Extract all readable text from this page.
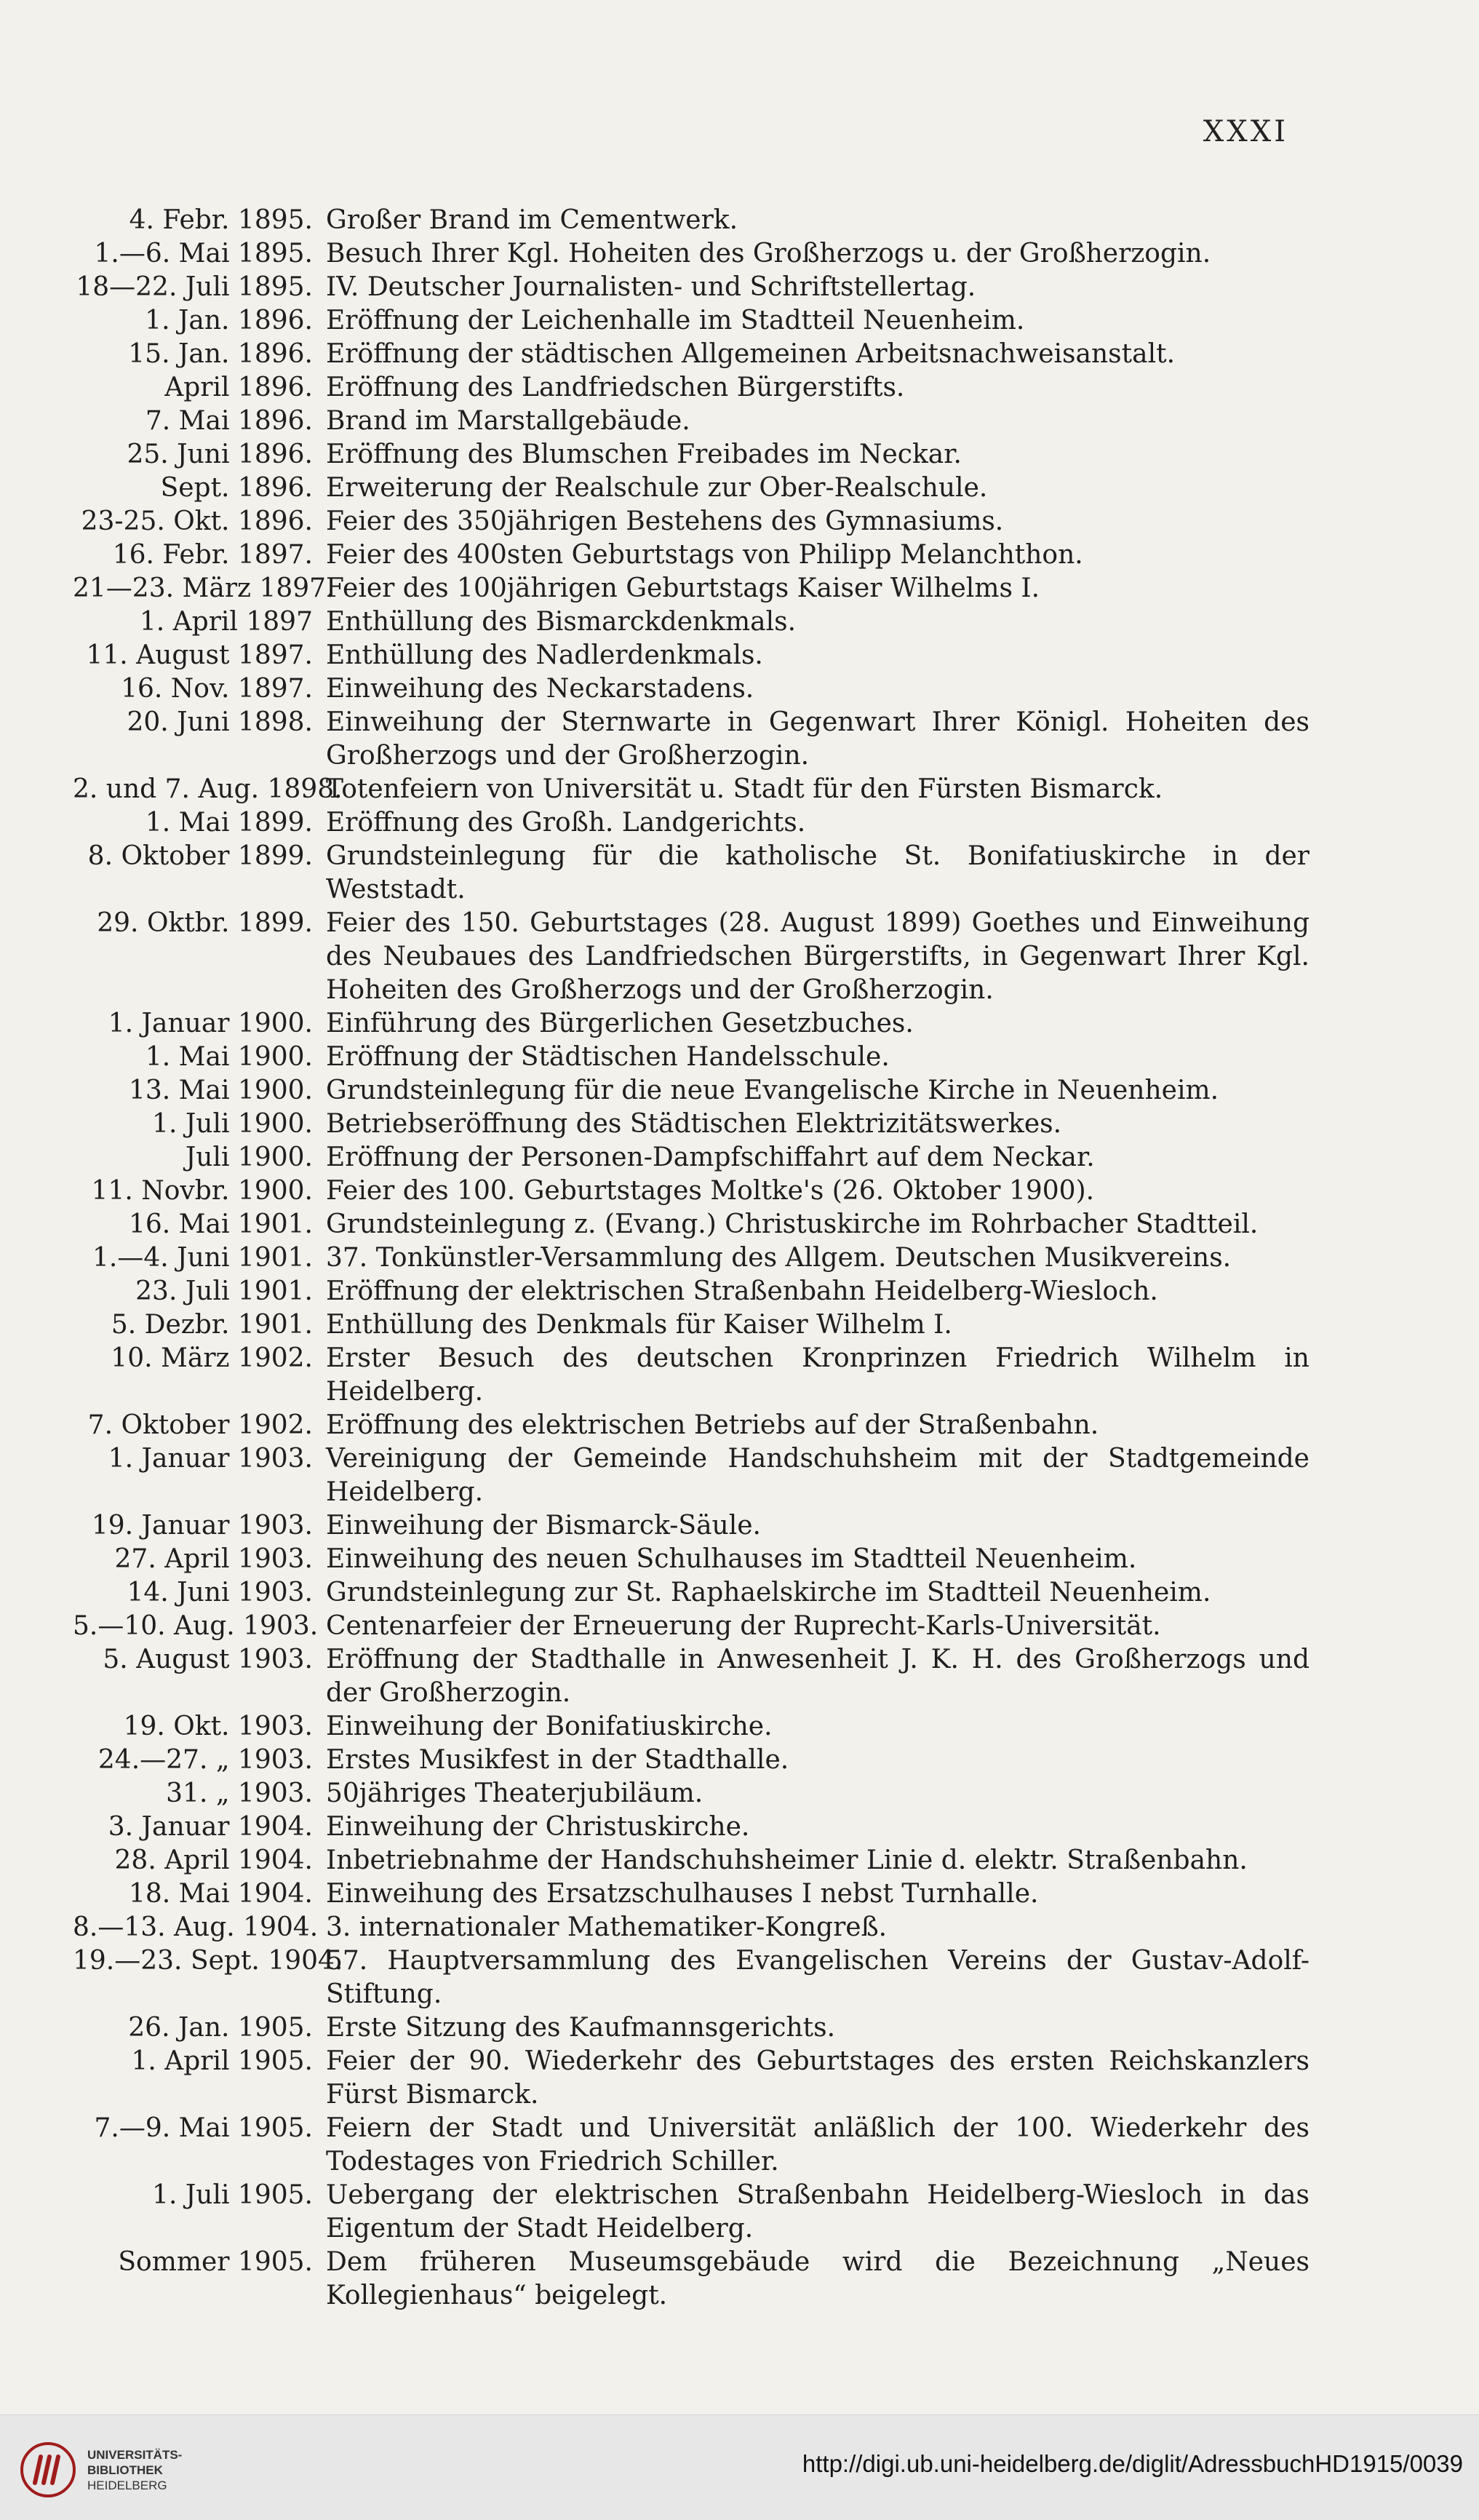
XXXI
4. Febr. 1895. Großer Brand im Cementwerk.
1.—6. Mai 1895. Besuch Ihrer Kgl. Hoheiten des Großherzogs u. der Großherzogin.
18—22. Juli 1895. IV. Deutscher Journalisten- und Schriftstellertag.
1. Jan. 1896. Eröffnung der Leichenhalle im Stadtteil Neuenheim.
15. Jan. 1896. Eröffnung der städtischen Allgemeinen Arbeitsnachweisanstalt.
April 1896. Eröffnung des Landfriedschen Bürgerstifts.
7. Mai 1896. Brand im Marstallgebäude.
25. Juni 1896. Eröffnung des Blumschen Freibades im Neckar.
Sept. 1896. Erweiterung der Realschule zur Ober-Realschule.
23-25. Okt. 1896. Feier des 350jährigen Bestehens des Gymnasiums.
16. Febr. 1897. Feier des 400sten Geburtstags von Philipp Melanchthon.
21—23. März 1897.
Feier des 100jährigen Geburtstags Kaiser Wilhelms I.
1. April 1897 Enthüllung des Bismarckdenkmals.
11. August 1897. Enthüllung des Nadlerdenkmals.
16. Nov. 1897. Einweihung des Neckarstadens.
20. Juni 1898. Einweihung der Sternwarte in Gegenwart Ihrer Königl. Hoheiten des Großherzogs und der Großherzogin.
2. und 7. Aug. 1898.
Totenfeiern von Universität u. Stadt für den Fürsten Bismarck.
1. Mai 1899. Eröffnung des Großh. Landgerichts.
8. Oktober 1899. Grundsteinlegung für die katholische St. Bonifatiuskirche in der Weststadt.
29. Oktbr. 1899. Feier des 150. Geburtstages (28. August 1899) Goethes und Einweihung des Neubaues des Landfriedschen Bürgerstifts, in Gegenwart Ihrer Kgl. Hoheiten des Großherzogs und der Großherzogin.
1. Januar 1900. Einführung des Bürgerlichen Gesetzbuches.
1. Mai 1900. Eröffnung der Städtischen Handelsschule.
13. Mai 1900. Grundsteinlegung für die neue Evangelische Kirche in Neuenheim.
1. Juli 1900. Betriebseröffnung des Städtischen Elektrizitätswerkes.
Juli 1900. Eröffnung der Personen-Dampfschiffahrt auf dem Neckar.
11. Novbr. 1900. Feier des 100. Geburtstages Moltke's (26. Oktober 1900).
16. Mai 1901. Grundsteinlegung z. (Evang.) Christuskirche im Rohrbacher Stadtteil.
1.—4. Juni 1901. 37. Tonkünstler-Versammlung des Allgem. Deutschen Musikvereins.
23. Juli 1901. Eröffnung der elektrischen Straßenbahn Heidelberg-Wiesloch.
5. Dezbr. 1901. Enthüllung des Denkmals für Kaiser Wilhelm I.
10. März 1902. Erster Besuch des deutschen Kronprinzen Friedrich Wilhelm in Heidelberg.
7. Oktober 1902. Eröffnung des elektrischen Betriebs auf der Straßenbahn.
1. Januar 1903. Vereinigung der Gemeinde Handschuhsheim mit der Stadtgemeinde Heidelberg.
19. Januar 1903. Einweihung der Bismarck-Säule.
27. April 1903. Einweihung des neuen Schulhauses im Stadtteil Neuenheim.
14. Juni 1903. Grundsteinlegung zur St. Raphaelskirche im Stadtteil Neuenheim.
5.—10. Aug. 1903. Centenarfeier der Erneuerung der Ruprecht-Karls-Universität.
5. August 1903. Eröffnung der Stadthalle in Anwesenheit J. K. H. des Großherzogs und der Großherzogin.
19. Okt. 1903. Einweihung der Bonifatiuskirche.
24.—27. „ 1903. Erstes Musikfest in der Stadthalle.
31. „ 1903. 50jähriges Theaterjubiläum.
3. Januar 1904. Einweihung der Christuskirche.
28. April 1904. Inbetriebnahme der Handschuhsheimer Linie d. elektr. Straßenbahn.
18. Mai 1904. Einweihung des Ersatzschulhauses I nebst Turnhalle.
8.—13. Aug. 1904. 3. internationaler Mathematiker-Kongreß.
19.—23. Sept. 1904.
57. Hauptversammlung des Evangelischen Vereins der Gustav-Adolf-Stiftung.
26. Jan. 1905. Erste Sitzung des Kaufmannsgerichts.
1. April 1905. Feier der 90. Wiederkehr des Geburtstages des ersten Reichskanzlers Fürst Bismarck.
7.—9. Mai 1905. Feiern der Stadt und Universität anläßlich der 100. Wiederkehr des Todestages von Friedrich Schiller.
1. Juli 1905. Uebergang der elektrischen Straßenbahn Heidelberg-Wiesloch in das Eigentum der Stadt Heidelberg.
Sommer 1905. Dem früheren Museumsgebäude wird die Bezeichnung „Neues Kollegienhaus“ beigelegt.
UNIVERSITÄTS-
BIBLIOTHEK
HEIDELBERG
http://digi.ub.uni-heidelberg.de/diglit/AdressbuchHD1915/0039
